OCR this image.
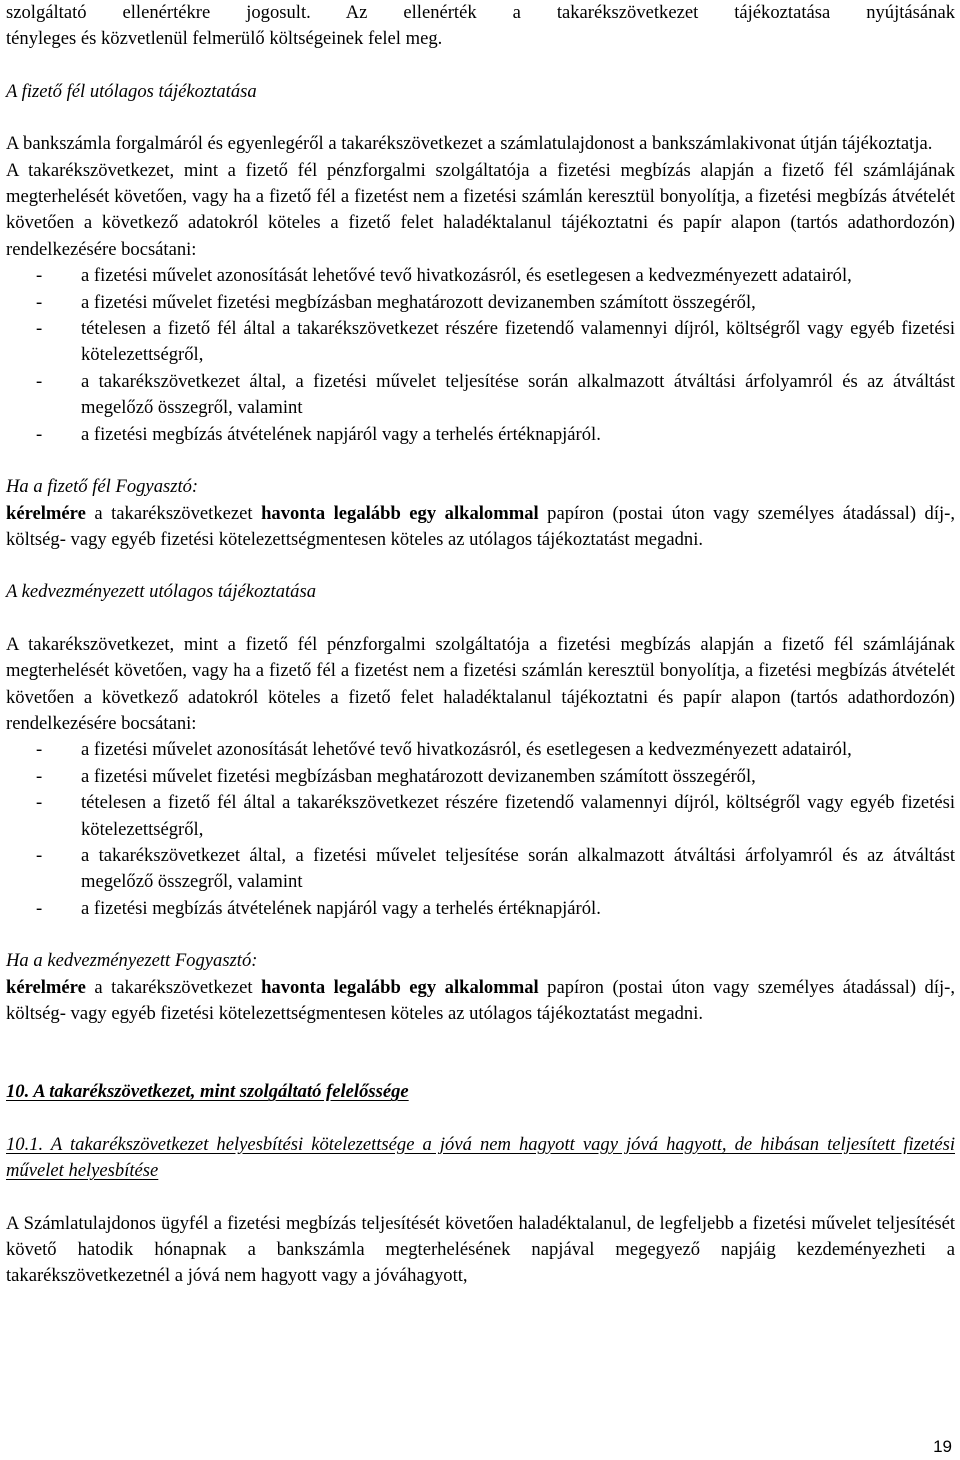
szolgáltató ellenértékre jogosult. Az ellenérték a takarékszövetkezet tájékoztatása nyújtásának

tényleges és közvetlenül felmerülő költségeinek felel meg.

A fizető fél utólagos tájékoztatása

A bankszámla forgalmáról és egyenlegéről a takarékszövetkezet a számlatulajdonost a bankszámlakivonat útján tájékoztatja.

A takarékszövetkezet, mint a fizető fél pénzforgalmi szolgáltatója a fizetési megbízás alapján a fizető fél számlájának megterhelését követően, vagy ha a fizető fél a fizetést nem a fizetési számlán keresztül bonyolítja, a fizetési megbízás átvételét követően a következő adatokról köteles a fizető felet haladéktalanul tájékoztatni és papír alapon (tartós adathordozón) rendelkezésére bocsátani:

- a fizetési művelet azonosítását lehetővé tevő hivatkozásról, és esetlegesen a kedvezményezett adatairól,
- a fizetési művelet fizetési megbízásban meghatározott devizanemben számított összegéről,
- tételesen a fizető fél által a takarékszövetkezet részére fizetendő valamennyi díjról, költségről vagy egyéb fizetési kötelezettségről,
- a takarékszövetkezet által, a fizetési művelet teljesítése során alkalmazott átváltási árfolyamról és az átváltást megelőző összegről, valamint
- a fizetési megbízás átvételének napjáról vagy a terhelés értéknapjáról.

Ha a fizető fél Fogyasztó:

kérelmére a takarékszövetkezet havonta legalább egy alkalommal papíron (postai úton vagy személyes átadással) díj-, költség- vagy egyéb fizetési kötelezettségmentesen köteles az utólagos tájékoztatást megadni.

A kedvezményezett utólagos tájékoztatása

A takarékszövetkezet, mint a fizető fél pénzforgalmi szolgáltatója a fizetési megbízás alapján a fizető fél számlájának megterhelését követően, vagy ha a fizető fél a fizetést nem a fizetési számlán keresztül bonyolítja, a fizetési megbízás átvételét követően a következő adatokról köteles a fizető felet haladéktalanul tájékoztatni és papír alapon (tartós adathordozón) rendelkezésére bocsátani:

- a fizetési művelet azonosítását lehetővé tevő hivatkozásról, és esetlegesen a kedvezményezett adatairól,
- a fizetési művelet fizetési megbízásban meghatározott devizanemben számított összegéről,
- tételesen a fizető fél által a takarékszövetkezet részére fizetendő valamennyi díjról, költségről vagy egyéb fizetési kötelezettségről,
- a takarékszövetkezet által, a fizetési művelet teljesítése során alkalmazott átváltási árfolyamról és az átváltást megelőző összegről, valamint
- a fizetési megbízás átvételének napjáról vagy a terhelés értéknapjáról.

Ha a kedvezményezett Fogyasztó:

kérelmére a takarékszövetkezet havonta legalább egy alkalommal papíron (postai úton vagy személyes átadással) díj-, költség- vagy egyéb fizetési kötelezettségmentesen köteles az utólagos tájékoztatást megadni.

10. A takarékszövetkezet, mint szolgáltató felelőssége

10.1. A takarékszövetkezet helyesbítési kötelezettsége a jóvá nem hagyott vagy jóvá hagyott, de hibásan teljesített fizetési művelet helyesbítése

A Számlatulajdonos ügyfél a fizetési megbízás teljesítését követően haladéktalanul, de legfeljebb a fizetési művelet teljesítését követő hatodik hónapnak a bankszámla megterhelésének napjával megegyező napjáig kezdeményezheti a takarékszövetkezetnél a jóvá nem hagyott vagy a jóváhagyott,

19
